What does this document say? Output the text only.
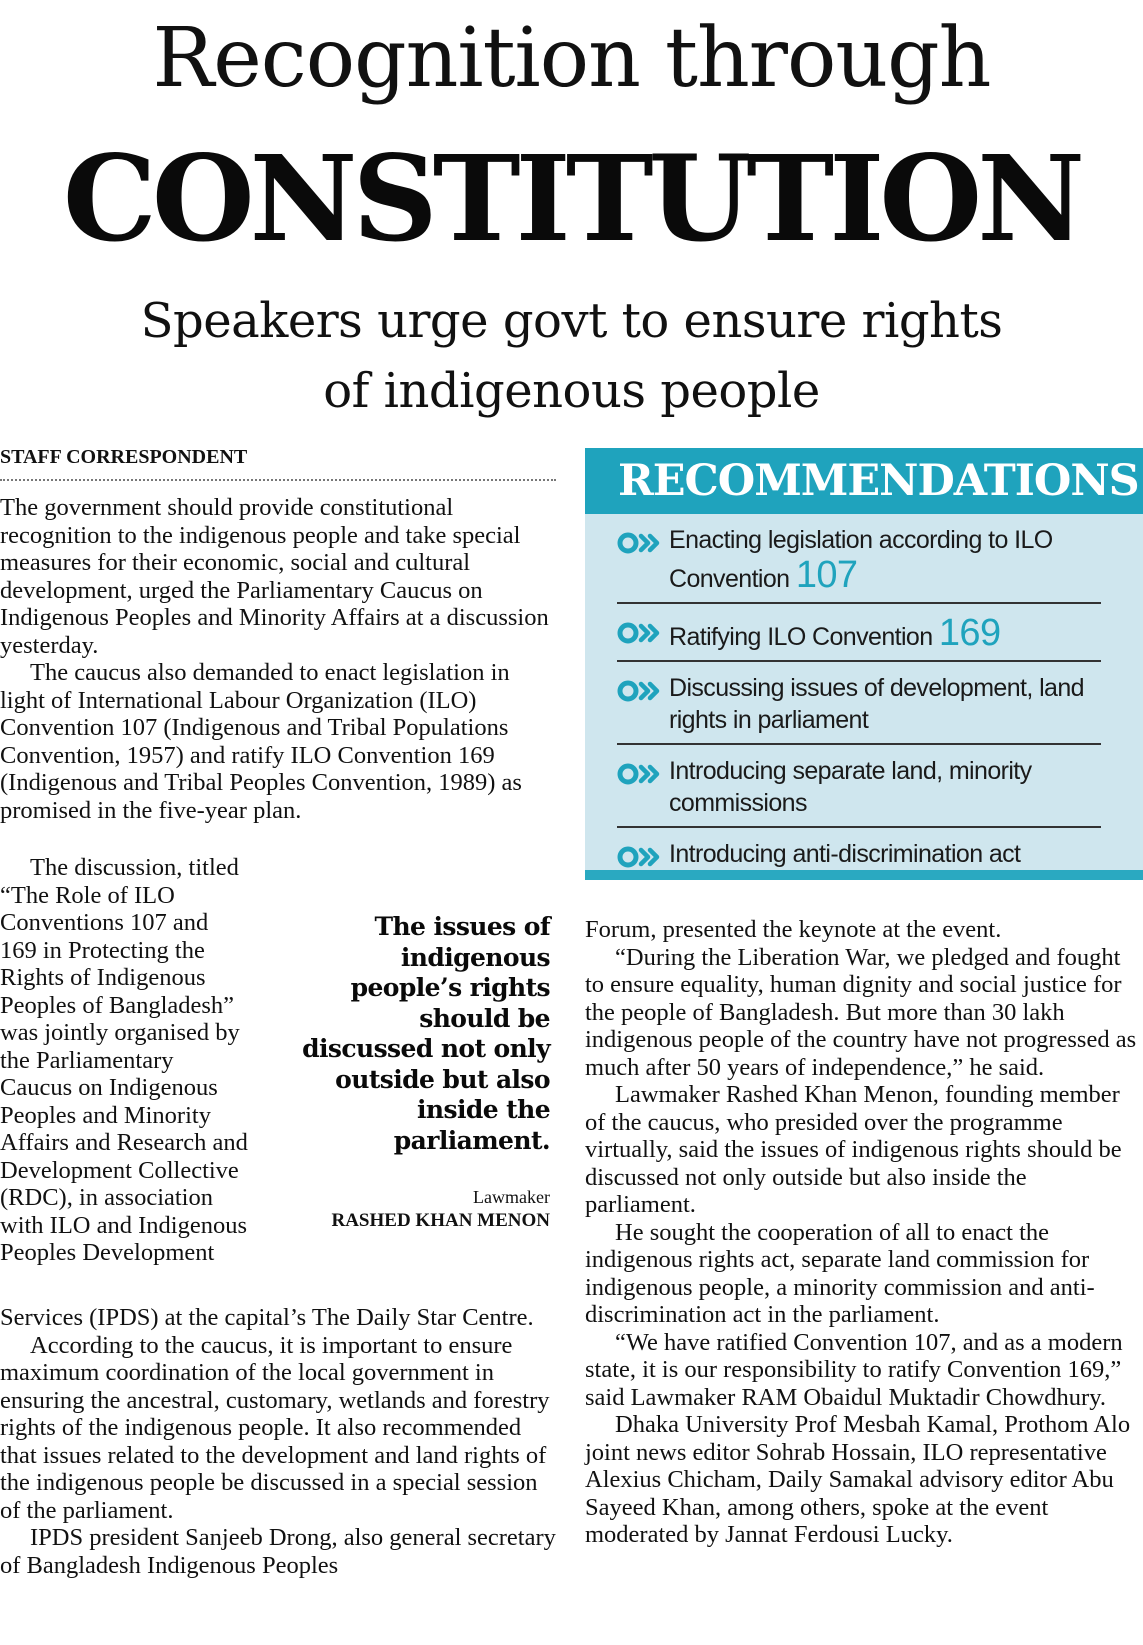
Recognition through
CONSTITUTION
Speakers urge govt to ensure rights
of indigenous people
STAFF CORRESPONDENT

The government should provide constitutional recognition to the indigenous people and take special measures for their economic, social and cultural development, urged the Parliamentary Caucus on Indigenous Peoples and Minority Affairs at a discussion yesterday.

The caucus also demanded to enact legislation in light of International Labour Organization (ILO) Convention 107 (Indigenous and Tribal Populations Convention, 1957) and ratify ILO Convention 169 (Indigenous and Tribal Peoples Convention, 1989) as promised in the five-year plan.

The discussion, titled “The Role of ILO Conventions 107 and 169 in Protecting the Rights of Indigenous Peoples of Bangladesh” was jointly organised by the Parliamentary Caucus on Indigenous Peoples and Minority Affairs and Research and Development Collective (RDC), in association with ILO and Indigenous Peoples Development

The issues of indigenous people’s rights should be discussed not only outside but also inside the parliament.
Lawmaker
RASHED KHAN MENON

Services (IPDS) at the capital’s The Daily Star Centre.

According to the caucus, it is important to ensure maximum coordination of the local government in ensuring the ancestral, customary, wetlands and forestry rights of the indigenous people. It also recommended that issues related to the development and land rights of the indigenous people be discussed in a special session of the parliament.

IPDS president Sanjeeb Drong, also general secretary of Bangladesh Indigenous Peoples

RECOMMENDATIONS
Enacting legislation according to ILO Convention 107
Ratifying ILO Convention 169
Discussing issues of development, land rights in parliament
Introducing separate land, minority commissions
Introducing anti-discrimination act

Forum, presented the keynote at the event.

“During the Liberation War, we pledged and fought to ensure equality, human dignity and social justice for the people of Bangladesh. But more than 30 lakh indigenous people of the country have not progressed as much after 50 years of independence,” he said.

Lawmaker Rashed Khan Menon, founding member of the caucus, who presided over the programme virtually, said the issues of indigenous rights should be discussed not only outside but also inside the parliament.

He sought the cooperation of all to enact the indigenous rights act, separate land commission for indigenous people, a minority commission and anti-discrimination act in the parliament.

“We have ratified Convention 107, and as a modern state, it is our responsibility to ratify Convention 169,” said Lawmaker RAM Obaidul Muktadir Chowdhury.

Dhaka University Prof Mesbah Kamal, Prothom Alo joint news editor Sohrab Hossain, ILO representative Alexius Chicham, Daily Samakal advisory editor Abu Sayeed Khan, among others, spoke at the event moderated by Jannat Ferdousi Lucky.
